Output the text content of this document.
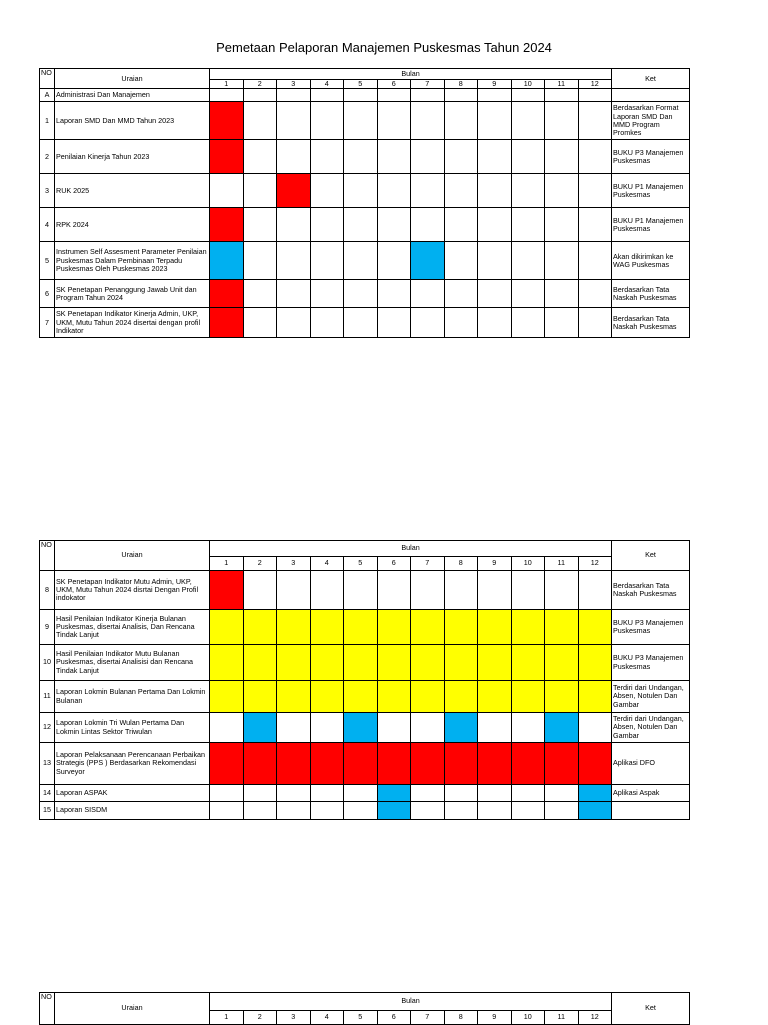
Pemetaan Pelaporan Manajemen Puskesmas Tahun 2024
NO	Uraian	Bulan												Ket
		1	2	3	4	5	6	7	8	9	10	11	12	
A	Administrasi Dan Manajemen													
1	Laporan SMD Dan MMD Tahun 2023													Berdasarkan Format Laporan SMD Dan MMD Program Promkes
2	Penilaian Kinerja Tahun 2023													BUKU P3 Manajemen Puskesmas
3	RUK 2025													BUKU P1 Manajemen Puskesmas
4	RPK 2024													BUKU P1 Manajemen Puskesmas
5	Instrumen Self Assesment Parameter Penilaian Puskesmas Dalam Pembinaan Terpadu Puskesmas Oleh Puskesmas 2023													Akan dikirimkan ke WAG Puskesmas
6	SK Penetapan Penanggung Jawab Unit dan Program Tahun 2024													Berdasarkan Tata Naskah Puskesmas
7	SK Penetapan Indikator Kinerja Admin, UKP, UKM, Mutu Tahun 2024 disertai dengan profil Indikator													Berdasarkan Tata Naskah Puskesmas
NO	Uraian	Bulan												Ket
		1	2	3	4	5	6	7	8	9	10	11	12	
8	SK Penetapan Indikator Mutu Admin, UKP, UKM, Mutu Tahun 2024 disrtai Dengan Profil indokator													Berdasarkan Tata Naskah Puskesmas
9	Hasil Penilaian Indikator Kinerja Bulanan Puskesmas, disertai Analisis, Dan Rencana Tindak Lanjut													BUKU P3 Manajemen Puskesmas
10	Hasil Penilaian Indikator Mutu Bulanan Puskesmas, disertai Analisisi dan Rencana Tindak Lanjut													BUKU P3 Manajemen Puskesmas
11	Laporan Lokmin Bulanan Pertama Dan Lokmin Bulanan													Terdiri dari Undangan, Absen, Notulen Dan Gambar
12	Laporan Lokmin Tri Wulan Pertama Dan Lokmin Lintas Sektor Triwulan													Terdiri dari Undangan, Absen, Notulen Dan Gambar
13	Laporan Pelaksanaan Perencanaan Perbaikan Strategis (PPS ) Berdasarkan Rekomendasi Surveyor													Aplikasi DFO
14	Laporan ASPAK													Aplikasi Aspak
15	Laporan SISDM													
NO	Uraian	Bulan												Ket
		1	2	3	4	5	6	7	8	9	10	11	12	
